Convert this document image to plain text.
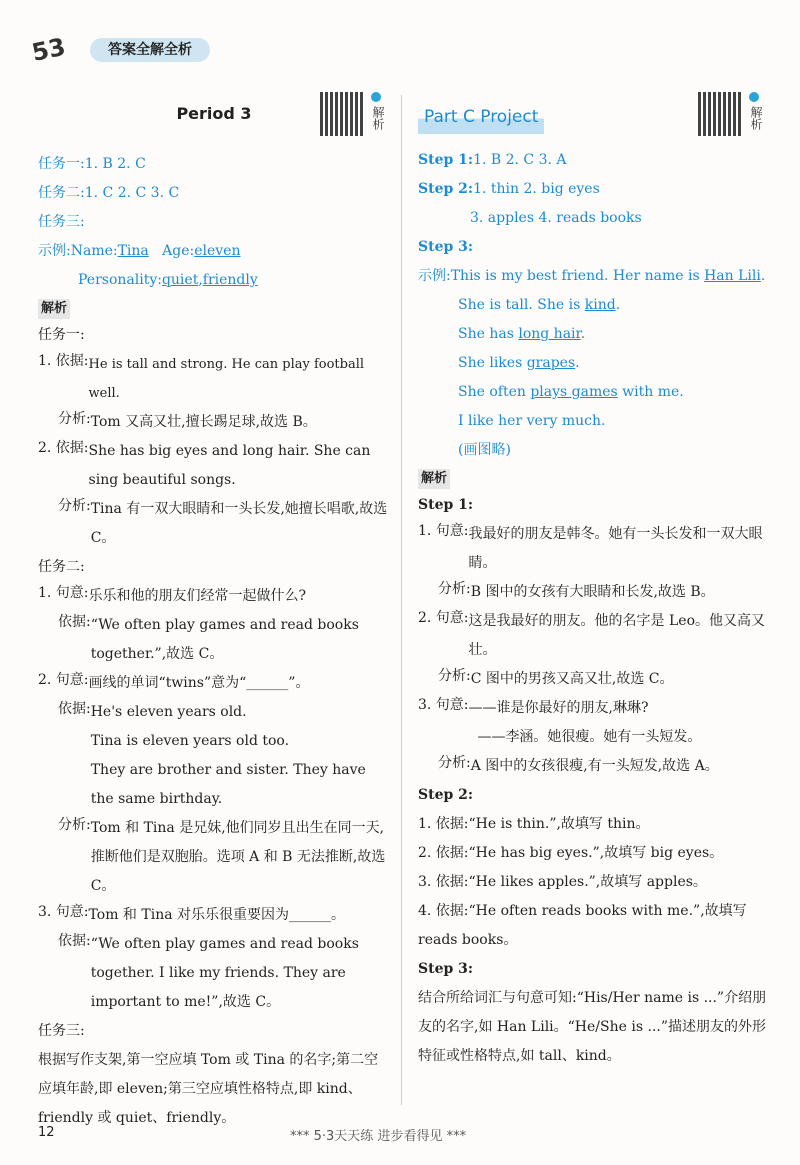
53	答案全解全析
解析	解析
Period 3
任务一:1. B 2. C
任务二:1. C 2. C 3. C
任务三:
示例:Name:Tina Age:eleven
Personality:quiet,friendly
解析
任务一:
1. 依据: He is tall and strong. He can play football well.
分析: Tom 又高又壮,擅长踢足球,故选 B。
2. 依据: She has big eyes and long hair. She can sing beautiful songs.
分析: Tina 有一双大眼睛和一头长发,她擅长唱歌,故选 C。
任务二:
1. 句意: 乐乐和他的朋友们经常一起做什么?
依据: “We often play games and read books together.”,故选 C。
2. 句意: 画线的单词“twins”意为“______”。
依据: He's eleven years old.
Tina is eleven years old too.
They are brother and sister. They have the same birthday.
分析: Tom 和 Tina 是兄妹,他们同岁且出生在同一天,推断他们是双胞胎。选项 A 和 B 无法推断,故选 C。
3. 句意: Tom 和 Tina 对乐乐很重要因为______。
依据: “We often play games and read books together. I like my friends. They are important to me!”,故选 C。
任务三:
根据写作支架,第一空应填 Tom 或 Tina 的名字;第二空应填年龄,即 eleven;第三空应填性格特点,即 kind、friendly 或 quiet、friendly。
Part C Project
Step 1:1. B 2. C 3. A
Step 2:1. thin 2. big eyes
3. apples 4. reads books
Step 3:
示例:This is my best friend. Her name is Han Lili.
She is tall. She is kind.
She has long hair.
She likes grapes.
She often plays games with me.
I like her very much.
(画图略)
解析
Step 1:
1. 句意: 我最好的朋友是韩冬。她有一头长发和一双大眼睛。
分析: B 图中的女孩有大眼睛和长发,故选 B。
2. 句意: 这是我最好的朋友。他的名字是 Leo。他又高又壮。
分析: C 图中的男孩又高又壮,故选 C。
3. 句意: ——谁是你最好的朋友,琳琳?
——李涵。她很瘦。她有一头短发。
分析: A 图中的女孩很瘦,有一头短发,故选 A。
Step 2:
1. 依据:“He is thin.”,故填写 thin。
2. 依据:“He has big eyes.”,故填写 big eyes。
3. 依据:“He likes apples.”,故填写 apples。
4. 依据:“He often reads books with me.”,故填写 reads books。
Step 3:
结合所给词汇与句意可知:“His/Her name is ...”介绍朋友的名字,如 Han Lili。“He/She is ...”描述朋友的外形特征或性格特点,如 tall、kind。
12	*** 5·3天天练 进步看得见 ***
